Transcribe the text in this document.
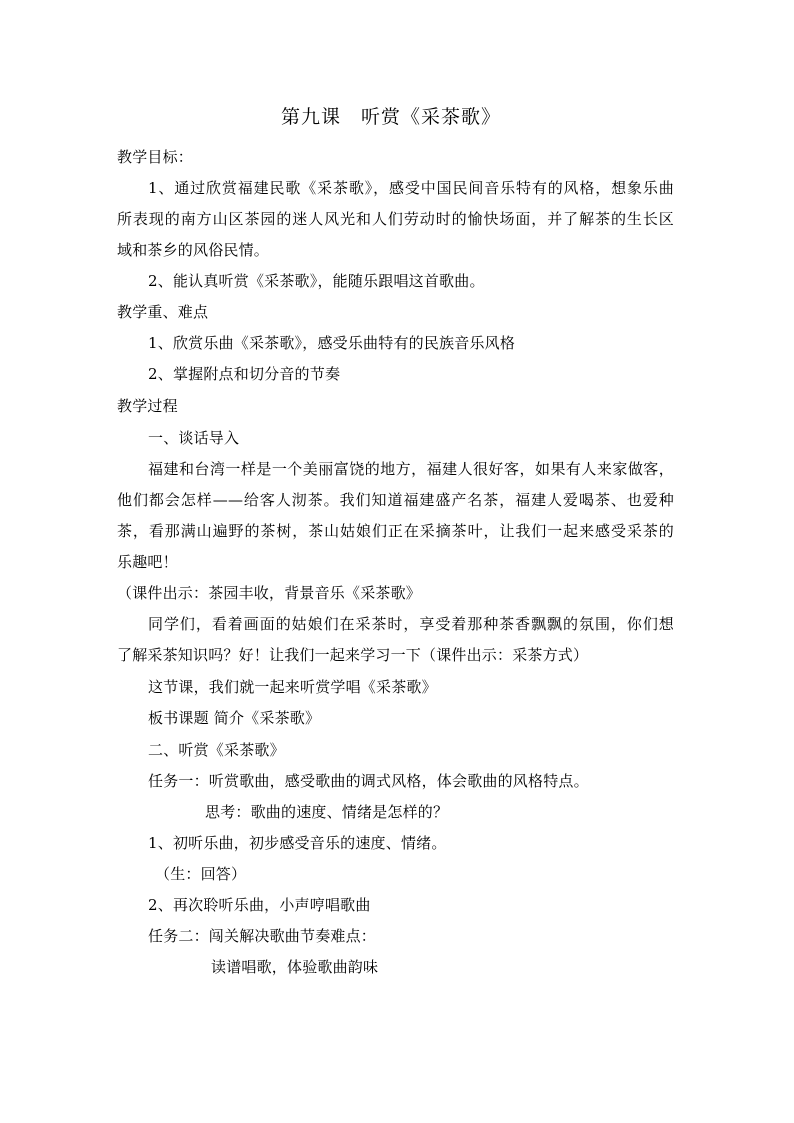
第九课　听赏《采茶歌》
教学目标：
1、通过欣赏福建民歌《采茶歌》，感受中国民间音乐特有的风格，想象乐曲
所表现的南方山区茶园的迷人风光和人们劳动时的愉快场面，并了解茶的生长区
域和茶乡的风俗民情。
2、能认真听赏《采茶歌》，能随乐跟唱这首歌曲。
教学重、难点
1、欣赏乐曲《采茶歌》，感受乐曲特有的民族音乐风格
2、掌握附点和切分音的节奏
教学过程
一、谈话导入
福建和台湾一样是一个美丽富饶的地方，福建人很好客，如果有人来家做客，
他们都会怎样——给客人沏茶。我们知道福建盛产名茶，福建人爱喝茶、也爱种
茶，看那满山遍野的茶树，茶山姑娘们正在采摘茶叶，让我们一起来感受采茶的
乐趣吧！
（课件出示：茶园丰收，背景音乐《采茶歌》
同学们，看着画面的姑娘们在采茶时，享受着那种茶香飘飘的氛围，你们想
了解采茶知识吗？好！让我们一起来学习一下（课件出示：采茶方式）
这节课，我们就一起来听赏学唱《采茶歌》
板书课题 简介《采茶歌》
二、听赏《采茶歌》
任务一：听赏歌曲，感受歌曲的调式风格，体会歌曲的风格特点。
思考：歌曲的速度、情绪是怎样的？
1、初听乐曲，初步感受音乐的速度、情绪。
（生：回答）
2、再次聆听乐曲，小声哼唱歌曲
任务二：闯关解决歌曲节奏难点：
读谱唱歌，体验歌曲韵味
